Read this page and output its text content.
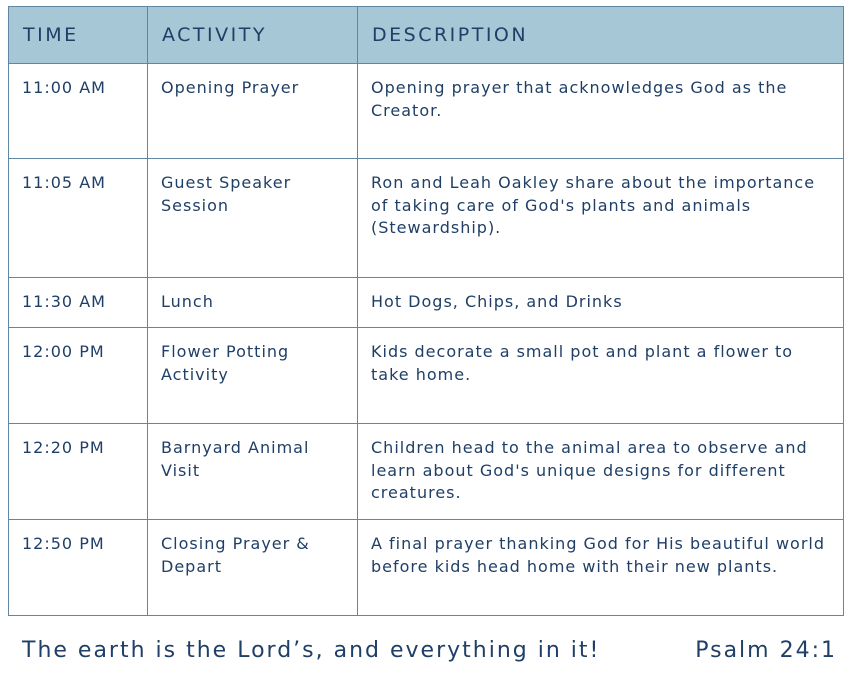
TIME	ACTIVITY	DESCRIPTION
11:00 AM	Opening Prayer	Opening prayer that acknowledges God as the Creator.
11:05 AM	Guest Speaker Session	Ron and Leah Oakley share about the importance of taking care of God's plants and animals (Stewardship).
11:30 AM	Lunch	Hot Dogs, Chips, and Drinks
12:00 PM	Flower Potting Activity	Kids decorate a small pot and plant a flower to take home.
12:20 PM	Barnyard Animal Visit	Children head to the animal area to observe and learn about God's unique designs for different creatures.
12:50 PM	Closing Prayer & Depart	A final prayer thanking God for His beautiful world before kids head home with their new plants.
The earth is the Lord’s, and everything in it!	Psalm 24:1
